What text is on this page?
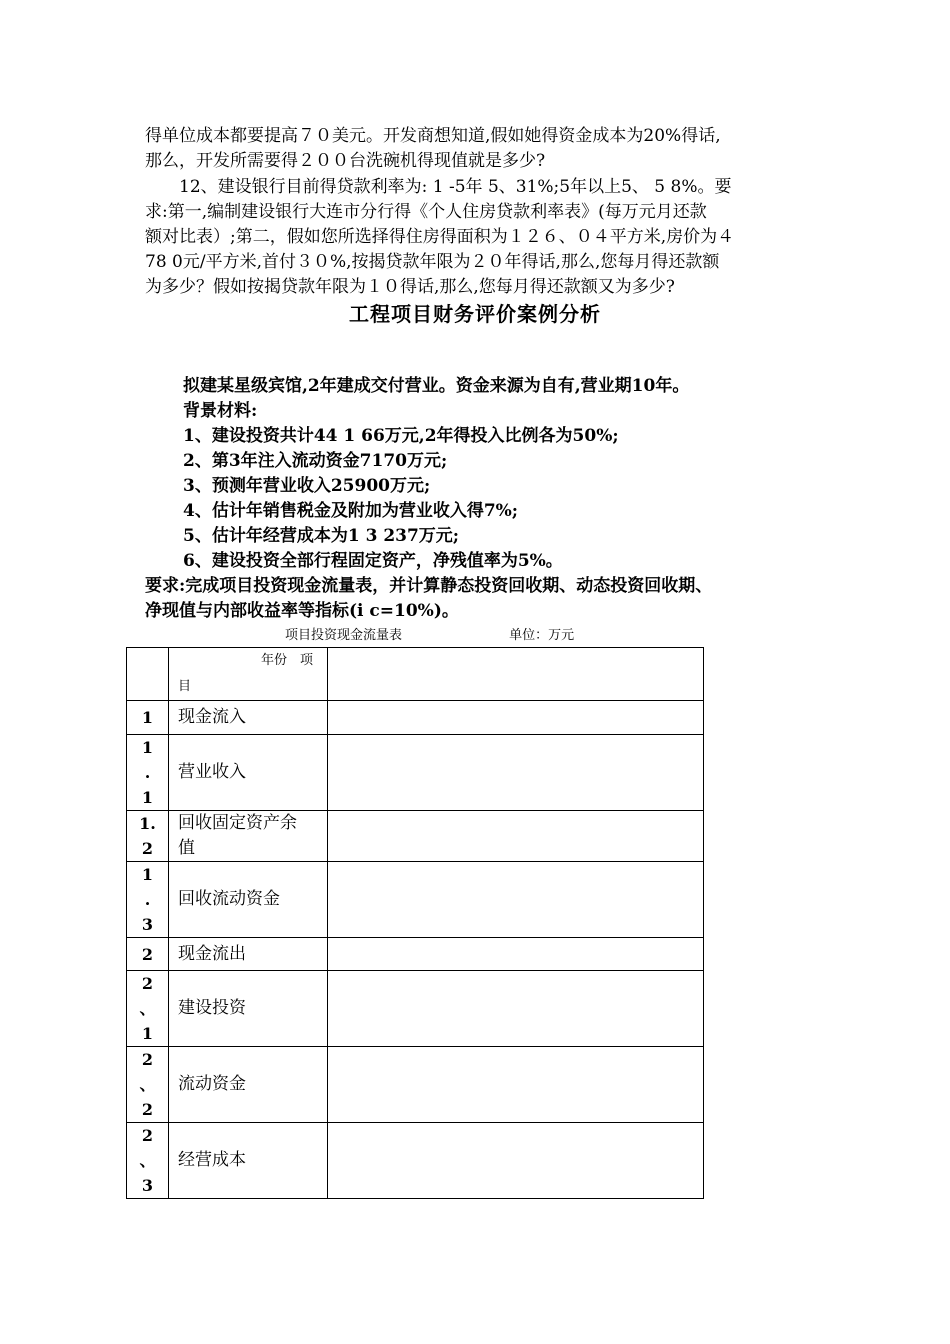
得单位成本都要提高７０美元。开发商想知道,假如她得资金成本为20%得话,
那么，开发所需要得２００台洗碗机得现值就是多少?
　　12、建设银行目前得贷款利率为: 1 -5年 5、31%;5年以上5、 5 8%。要
求:第一,编制建设银行大连市分行得《个人住房贷款利率表》(每万元月还款
额对比表）;第二，假如您所选择得住房得面积为１２６、０４平方米,房价为４
78 0元/平方米,首付３０%,按揭贷款年限为２０年得话,那么,您每月得还款额
为多少？假如按揭贷款年限为１０得话,那么,您每月得还款额又为多少?
工程项目财务评价案例分析
拟建某星级宾馆,2年建成交付营业。资金来源为自有,营业期10年。
背景材料:
1、建设投资共计44 1 66万元,2年得投入比例各为50%;
2、第3年注入流动资金7170万元;
3、预测年营业收入25900万元;
4、估计年销售税金及附加为营业收入得7%;
5、估计年经营成本为1 3 237万元;
6、建设投资全部行程固定资产，净残值率为5%。
要求:完成项目投资现金流量表，并计算静态投资回收期、动态投资回收期、
净现值与内部收益率等指标(i c=10%)。
项目投资现金流量表	单位：万元

	年份　项
目	

1	现金流入	
1
.
1	营业收入	
1.
2	回收固定资产余
值	
1
.
3	回收流动资金	
2	现金流出	
2
、
1	建设投资	
2
、
2	流动资金	
2
、
3	经营成本	
